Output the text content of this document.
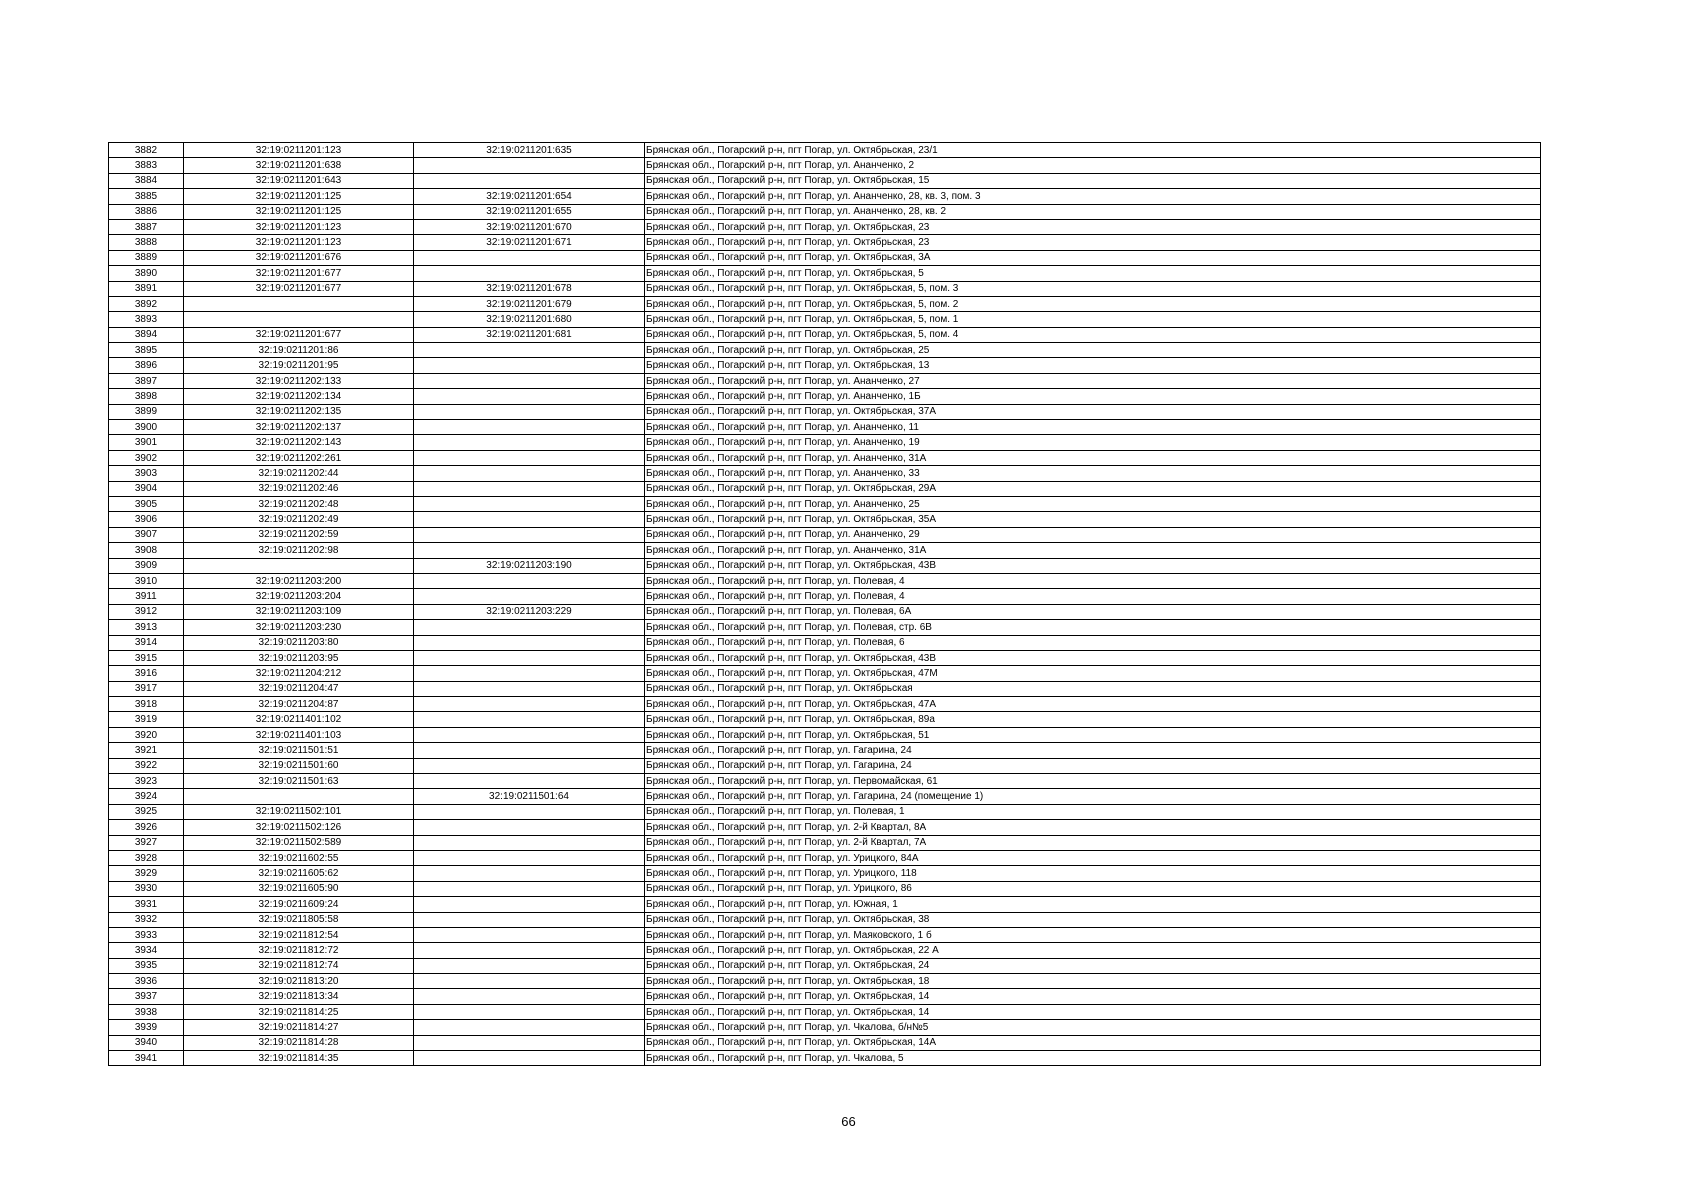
3882	32:19:0211201:123	32:19:0211201:635	Брянская обл., Погарский р-н, пгт Погар, ул. Октябрьская, 23/1
3883	32:19:0211201:638		Брянская обл., Погарский р-н, пгт Погар, ул. Ананченко, 2
3884	32:19:0211201:643		Брянская обл., Погарский р-н, пгт Погар, ул. Октябрьская, 15
3885	32:19:0211201:125	32:19:0211201:654	Брянская обл., Погарский р-н, пгт Погар, ул. Ананченко, 28, кв. 3, пом. 3
3886	32:19:0211201:125	32:19:0211201:655	Брянская обл., Погарский р-н, пгт Погар, ул. Ананченко, 28, кв. 2
3887	32:19:0211201:123	32:19:0211201:670	Брянская обл., Погарский р-н, пгт Погар, ул. Октябрьская, 23
3888	32:19:0211201:123	32:19:0211201:671	Брянская обл., Погарский р-н, пгт Погар, ул. Октябрьская, 23
3889	32:19:0211201:676		Брянская обл., Погарский р-н, пгт Погар, ул. Октябрьская, 3А
3890	32:19:0211201:677		Брянская обл., Погарский р-н, пгт Погар, ул. Октябрьская, 5
3891	32:19:0211201:677	32:19:0211201:678	Брянская обл., Погарский р-н, пгт Погар, ул. Октябрьская, 5, пом. 3
3892		32:19:0211201:679	Брянская обл., Погарский р-н, пгт Погар, ул. Октябрьская, 5, пом. 2
3893		32:19:0211201:680	Брянская обл., Погарский р-н, пгт Погар, ул. Октябрьская, 5, пом. 1
3894	32:19:0211201:677	32:19:0211201:681	Брянская обл., Погарский р-н, пгт Погар, ул. Октябрьская, 5, пом. 4
3895	32:19:0211201:86		Брянская обл., Погарский р-н, пгт Погар, ул. Октябрьская, 25
3896	32:19:0211201:95		Брянская обл., Погарский р-н, пгт Погар, ул. Октябрьская, 13
3897	32:19:0211202:133		Брянская обл., Погарский р-н, пгт Погар, ул. Ананченко, 27
3898	32:19:0211202:134		Брянская обл., Погарский р-н, пгт Погар, ул. Ананченко, 1Б
3899	32:19:0211202:135		Брянская обл., Погарский р-н, пгт Погар, ул. Октябрьская, 37А
3900	32:19:0211202:137		Брянская обл., Погарский р-н, пгт Погар, ул. Ананченко, 11
3901	32:19:0211202:143		Брянская обл., Погарский р-н, пгт Погар, ул. Ананченко, 19
3902	32:19:0211202:261		Брянская обл., Погарский р-н, пгт Погар, ул. Ананченко, 31А
3903	32:19:0211202:44		Брянская обл., Погарский р-н, пгт Погар, ул. Ананченко, 33
3904	32:19:0211202:46		Брянская обл., Погарский р-н, пгт Погар, ул. Октябрьская, 29А
3905	32:19:0211202:48		Брянская обл., Погарский р-н, пгт Погар, ул. Ананченко, 25
3906	32:19:0211202:49		Брянская обл., Погарский р-н, пгт Погар, ул. Октябрьская, 35А
3907	32:19:0211202:59		Брянская обл., Погарский р-н, пгт Погар, ул. Ананченко, 29
3908	32:19:0211202:98		Брянская обл., Погарский р-н, пгт Погар, ул. Ананченко, 31А
3909		32:19:0211203:190	Брянская обл., Погарский р-н, пгт Погар, ул. Октябрьская, 43В
3910	32:19:0211203:200		Брянская обл., Погарский р-н, пгт Погар, ул. Полевая, 4
3911	32:19:0211203:204		Брянская обл., Погарский р-н, пгт Погар, ул. Полевая, 4
3912	32:19:0211203:109	32:19:0211203:229	Брянская обл., Погарский р-н, пгт Погар, ул. Полевая, 6А
3913	32:19:0211203:230		Брянская обл., Погарский р-н, пгт Погар, ул. Полевая, стр. 6В
3914	32:19:0211203:80		Брянская обл., Погарский р-н, пгт Погар, ул. Полевая, 6
3915	32:19:0211203:95		Брянская обл., Погарский р-н, пгт Погар, ул. Октябрьская, 43В
3916	32:19:0211204:212		Брянская обл., Погарский р-н, пгт Погар, ул. Октябрьская, 47М
3917	32:19:0211204:47		Брянская обл., Погарский р-н, пгт Погар, ул. Октябрьская
3918	32:19:0211204:87		Брянская обл., Погарский р-н, пгт Погар, ул. Октябрьская, 47А
3919	32:19:0211401:102		Брянская обл., Погарский р-н, пгт Погар, ул. Октябрьская, 89а
3920	32:19:0211401:103		Брянская обл., Погарский р-н, пгт Погар, ул. Октябрьская, 51
3921	32:19:0211501:51		Брянская обл., Погарский р-н, пгт Погар, ул. Гагарина, 24
3922	32:19:0211501:60		Брянская обл., Погарский р-н, пгт Погар, ул. Гагарина, 24
3923	32:19:0211501:63		Брянская обл., Погарский р-н, пгт Погар, ул. Первомайская, 61
3924		32:19:0211501:64	Брянская обл., Погарский р-н, пгт Погар, ул. Гагарина, 24 (помещение 1)
3925	32:19:0211502:101		Брянская обл., Погарский р-н, пгт Погар, ул. Полевая, 1
3926	32:19:0211502:126		Брянская обл., Погарский р-н, пгт Погар, ул. 2-й Квартал, 8А
3927	32:19:0211502:589		Брянская обл., Погарский р-н, пгт Погар, ул. 2-й Квартал, 7А
3928	32:19:0211602:55		Брянская обл., Погарский р-н, пгт Погар, ул. Урицкого, 84А
3929	32:19:0211605:62		Брянская обл., Погарский р-н, пгт Погар, ул. Урицкого, 118
3930	32:19:0211605:90		Брянская обл., Погарский р-н, пгт Погар, ул. Урицкого, 86
3931	32:19:0211609:24		Брянская обл., Погарский р-н, пгт Погар, ул. Южная, 1
3932	32:19:0211805:58		Брянская обл., Погарский р-н, пгт Погар, ул. Октябрьская, 38
3933	32:19:0211812:54		Брянская обл., Погарский р-н, пгт Погар, ул. Маяковского, 1 б
3934	32:19:0211812:72		Брянская обл., Погарский р-н, пгт Погар, ул. Октябрьская, 22 А
3935	32:19:0211812:74		Брянская обл., Погарский р-н, пгт Погар, ул. Октябрьская, 24
3936	32:19:0211813:20		Брянская обл., Погарский р-н, пгт Погар, ул. Октябрьская, 18
3937	32:19:0211813:34		Брянская обл., Погарский р-н, пгт Погар, ул. Октябрьская, 14
3938	32:19:0211814:25		Брянская обл., Погарский р-н, пгт Погар, ул. Октябрьская, 14
3939	32:19:0211814:27		Брянская обл., Погарский р-н, пгт Погар, ул. Чкалова, б/н№5
3940	32:19:0211814:28		Брянская обл., Погарский р-н, пгт Погар, ул. Октябрьская, 14А
3941	32:19:0211814:35		Брянская обл., Погарский р-н, пгт Погар, ул. Чкалова, 5
66
